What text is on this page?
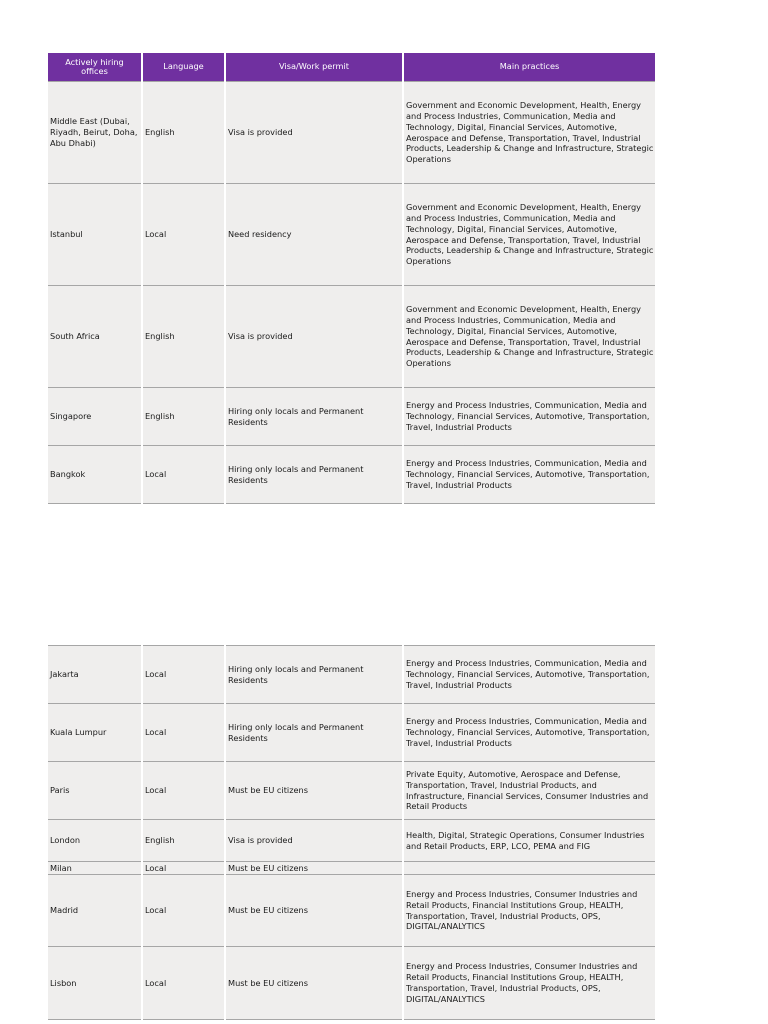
Actively hiring offices	Language	Visa/Work permit	Main practices
Middle East (Dubai, Riyadh, Beirut, Doha, Abu Dhabi)	English	Visa is provided	Government and Economic Development, Health, Energy and Process Industries, Communication, Media and Technology, Digital, Financial Services, Automotive, Aerospace and Defense, Transportation, Travel, Industrial Products, Leadership & Change and Infrastructure, Strategic Operations
Istanbul	Local	Need residency	Government and Economic Development, Health, Energy and Process Industries, Communication, Media and Technology, Digital, Financial Services, Automotive, Aerospace and Defense, Transportation, Travel, Industrial Products, Leadership & Change and Infrastructure, Strategic Operations
South Africa	English	Visa is provided	Government and Economic Development, Health, Energy and Process Industries, Communication, Media and Technology, Digital, Financial Services, Automotive, Aerospace and Defense, Transportation, Travel, Industrial Products, Leadership & Change and Infrastructure, Strategic Operations
Singapore	English	Hiring only locals and Permanent Residents	Energy and Process Industries, Communication, Media and Technology, Financial Services, Automotive, Transportation, Travel, Industrial Products
Bangkok	Local	Hiring only locals and Permanent Residents	Energy and Process Industries, Communication, Media and Technology, Financial Services, Automotive, Transportation, Travel, Industrial Products
Jakarta	Local	Hiring only locals and Permanent Residents	Energy and Process Industries, Communication, Media and Technology, Financial Services, Automotive, Transportation, Travel, Industrial Products
Kuala Lumpur	Local	Hiring only locals and Permanent Residents	Energy and Process Industries, Communication, Media and Technology, Financial Services, Automotive, Transportation, Travel, Industrial Products
Paris	Local	Must be EU citizens	Private Equity, Automotive, Aerospace and Defense, Transportation, Travel, Industrial Products, and Infrastructure, Financial Services, Consumer Industries and Retail Products
London	English	Visa is provided	Health, Digital, Strategic Operations, Consumer Industries and Retail Products, ERP, LCO, PEMA and FIG
Milan	Local	Must be EU citizens	
Madrid	Local	Must be EU citizens	Energy and Process Industries, Consumer Industries and Retail Products, Financial Institutions Group, HEALTH, Transportation, Travel, Industrial Products, OPS, DIGITAL/ANALYTICS
Lisbon	Local	Must be EU citizens	Energy and Process Industries, Consumer Industries and Retail Products, Financial Institutions Group, HEALTH, Transportation, Travel, Industrial Products, OPS, DIGITAL/ANALYTICS
